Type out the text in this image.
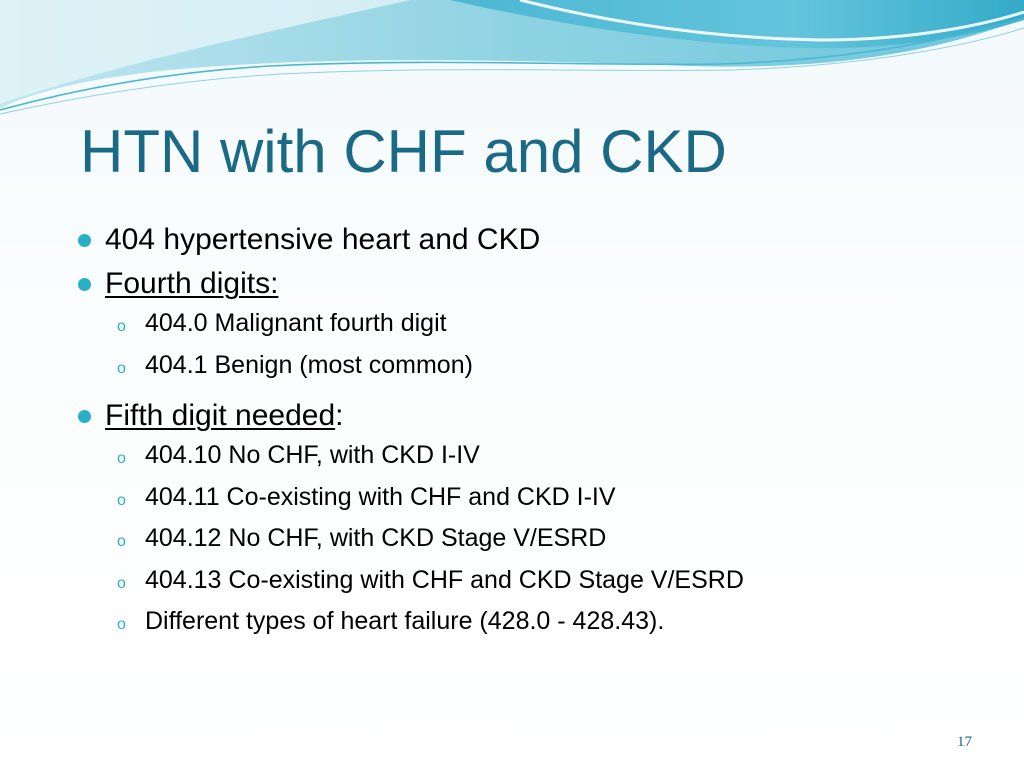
HTN with CHF and CKD
404 hypertensive heart and CKD
Fourth digits:
o 404.0 Malignant fourth digit
o 404.1 Benign (most common)
Fifth digit needed:
o 404.10 No CHF, with CKD I-IV
o 404.11 Co-existing with CHF and CKD I-IV
o 404.12 No CHF, with CKD Stage V/ESRD
o 404.13 Co-existing with CHF and CKD Stage V/ESRD
o Different types of heart failure (428.0 - 428.43).
17
